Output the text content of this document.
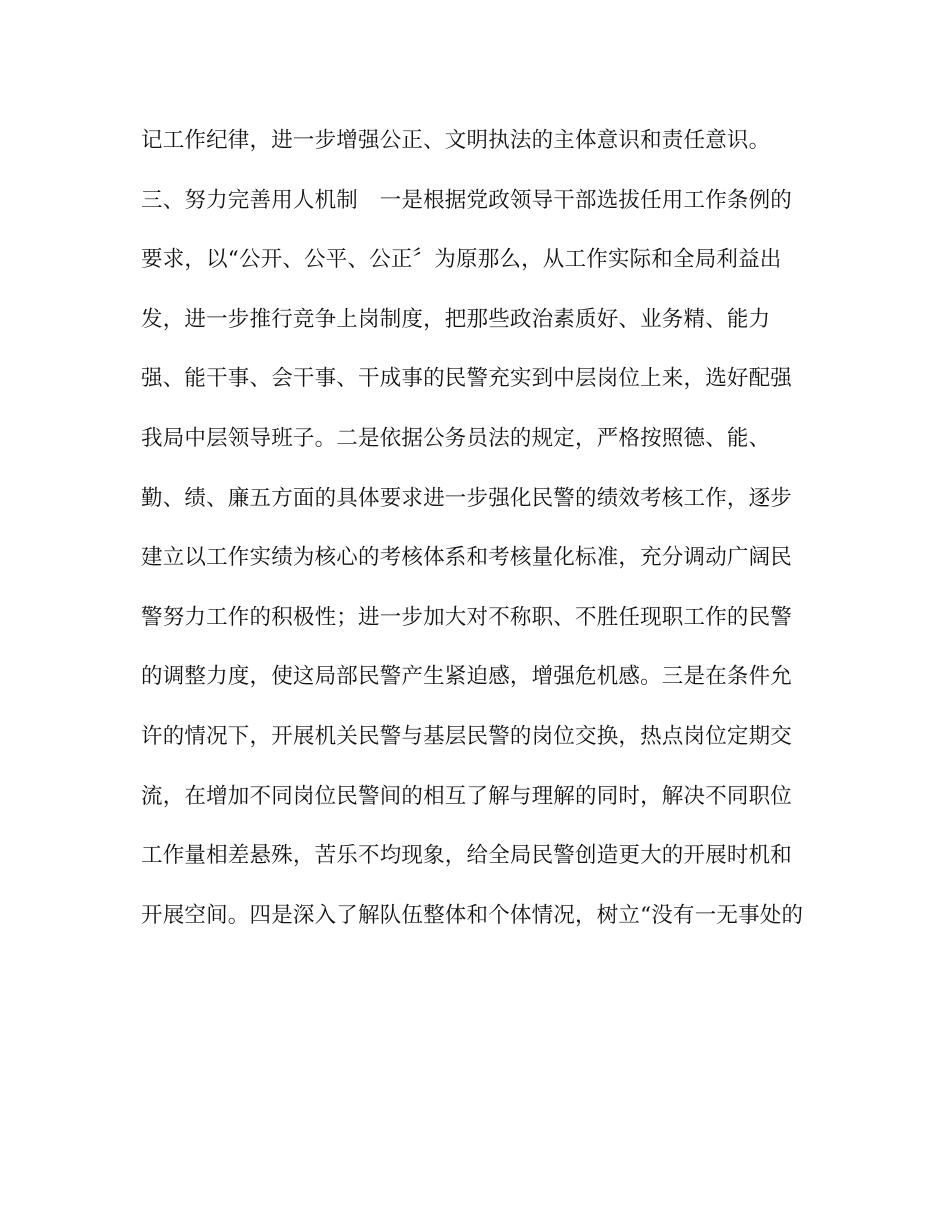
记工作纪律，进一步增强公正、文明执法的主体意识和责任意识。
三、努力完善用人机制　一是根据党政领导干部选拔任用工作条例的
要求，以“公开、公平、公正〞为原那么，从工作实际和全局利益出
发，进一步推行竞争上岗制度，把那些政治素质好、业务精、能力
强、能干事、会干事、干成事的民警充实到中层岗位上来，选好配强
我局中层领导班子。二是依据公务员法的规定，严格按照德、能、
勤、绩、廉五方面的具体要求进一步强化民警的绩效考核工作，逐步
建立以工作实绩为核心的考核体系和考核量化标准，充分调动广阔民
警努力工作的积极性；进一步加大对不称职、不胜任现职工作的民警
的调整力度，使这局部民警产生紧迫感，增强危机感。三是在条件允
许的情况下，开展机关民警与基层民警的岗位交换，热点岗位定期交
流，在增加不同岗位民警间的相互了解与理解的同时，解决不同职位
工作量相差悬殊，苦乐不均现象，给全局民警创造更大的开展时机和
开展空间。四是深入了解队伍整体和个体情况，树立“没有一无事处的
